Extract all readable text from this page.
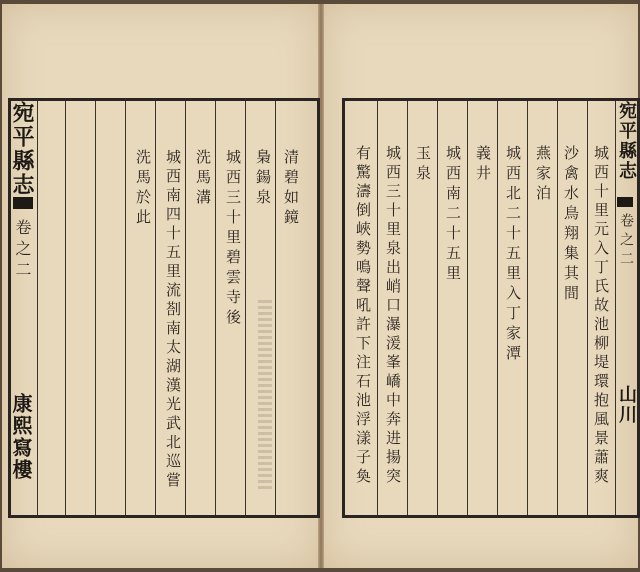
宛平縣志
卷之二
康熙寫樓
清碧如鏡
梟鍚泉
城西三十里碧雲寺後
洗馬溝
城西南四十五里流剳南太湖漢光武北巡嘗
洗馬於此
宛平縣志
卷之二
山川
城西十里元入丁氏故池柳堤環抱風景蕭爽
沙禽水鳥翔集其間
燕家泊
城西北二十五里入丁家潭
義井
城西南二十五里
玉泉
城西三十里泉出峭口瀑湲峯嶠中奔进揚突
有驚濤倒峽勢鳴聲吼許下注石池浮漾子奐
